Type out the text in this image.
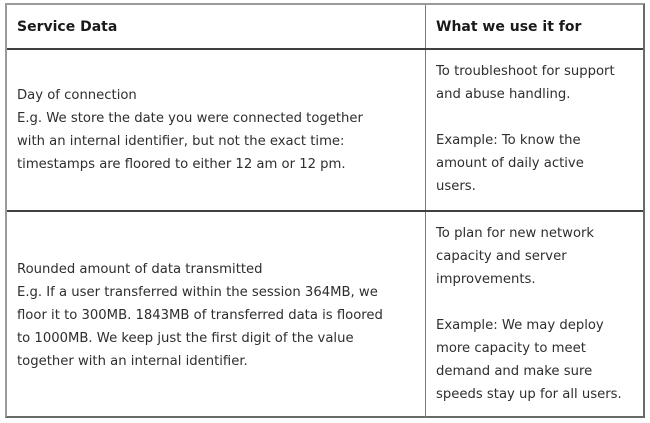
Service Data	What we use it for
Day of connection
E.g. We store the date you were connected together
with an internal identifier, but not the exact time:
timestamps are floored to either 12 am or 12 pm.
To troubleshoot for support
and abuse handling.
Example: To know the
amount of daily active
users.
Rounded amount of data transmitted
E.g. If a user transferred within the session 364MB, we
floor it to 300MB. 1843MB of transferred data is floored
to 1000MB. We keep just the first digit of the value
together with an internal identifier.
To plan for new network
capacity and server
improvements.
Example: We may deploy
more capacity to meet
demand and make sure
speeds stay up for all users.
